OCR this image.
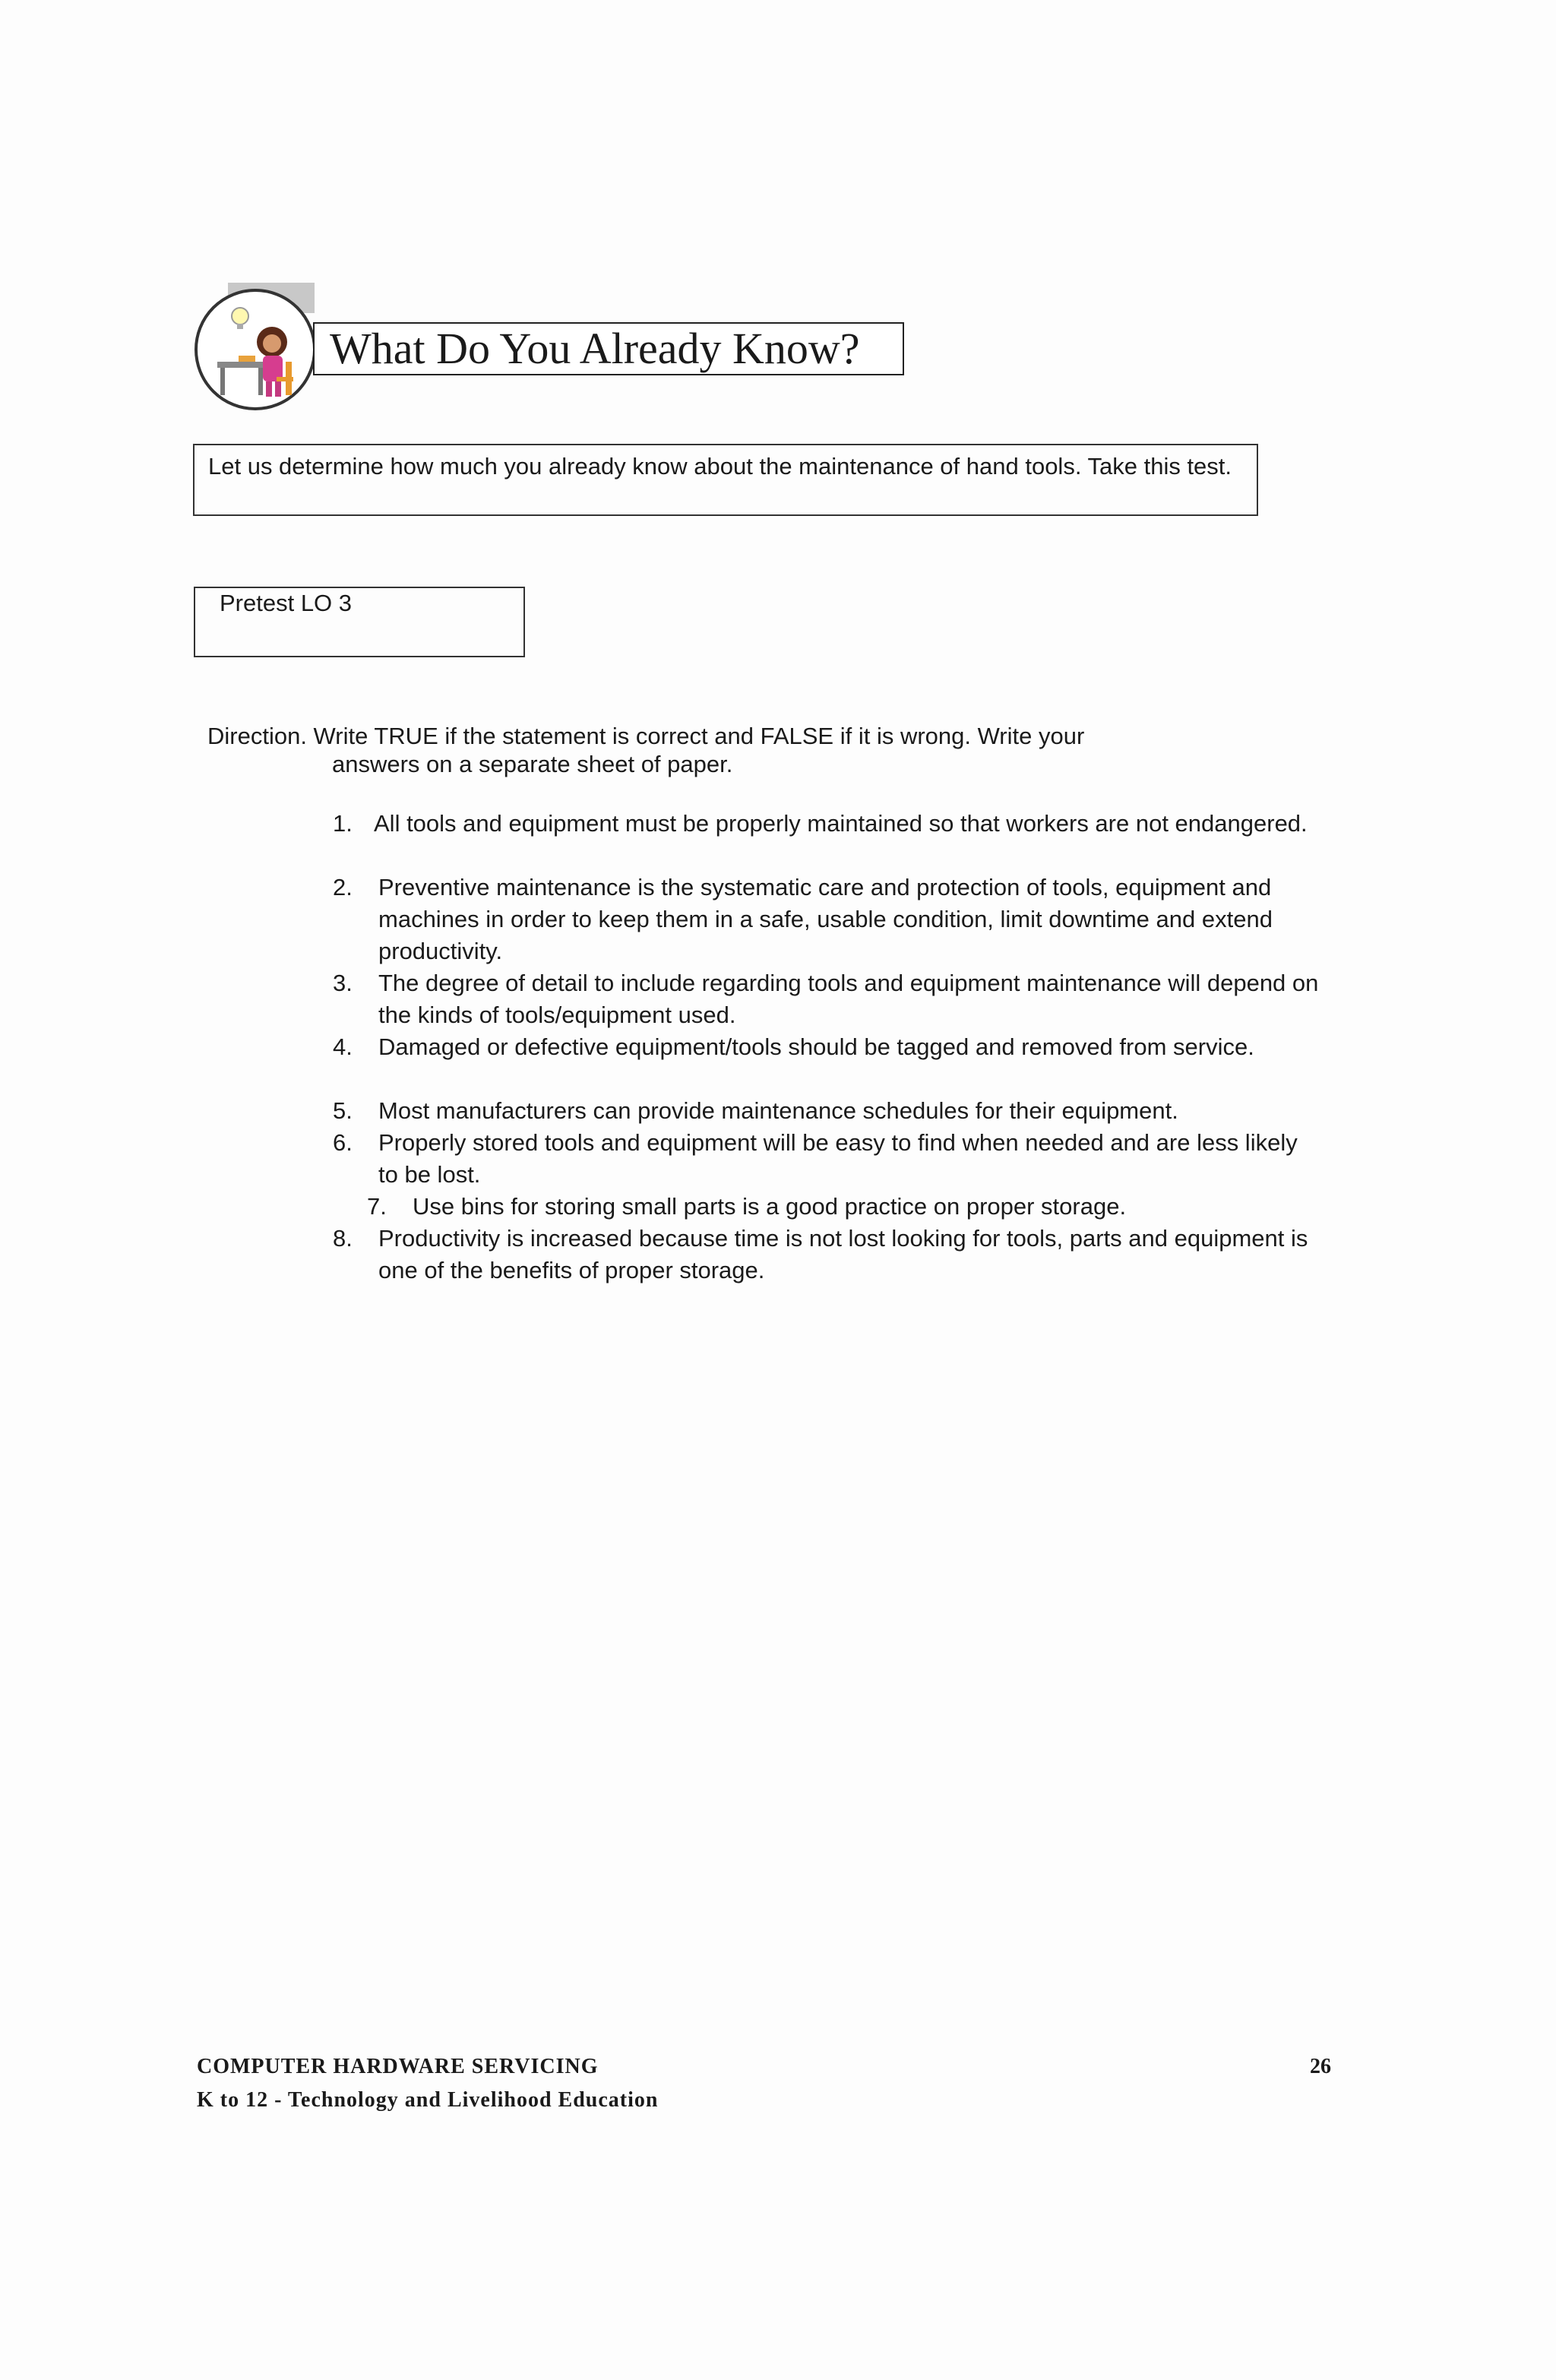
What Do You Already Know?
Let us determine how much you already know about the maintenance of hand tools. Take this test.
Pretest LO 3
Direction. Write TRUE if the statement is correct and FALSE if it is wrong. Write your
answers on a separate sheet of paper.
1. All tools and equipment must be properly maintained so that workers are not endangered.
2. Preventive maintenance is the systematic care and protection of tools, equipment and machines in order to keep them in a safe, usable condition, limit downtime and extend productivity.
3. The degree of detail to include regarding tools and equipment maintenance will depend on the kinds of tools/equipment used.
4. Damaged or defective equipment/tools should be tagged and removed from service.
5. Most manufacturers can provide maintenance schedules for their equipment.
6. Properly stored tools and equipment will be easy to find when needed and are less likely to be lost.
7. Use bins for storing small parts is a good practice on proper storage.
8. Productivity is increased because time is not lost looking for tools, parts and equipment is one of the benefits of proper storage.
COMPUTER HARDWARE SERVICING
K to 12 - Technology and Livelihood Education
26
